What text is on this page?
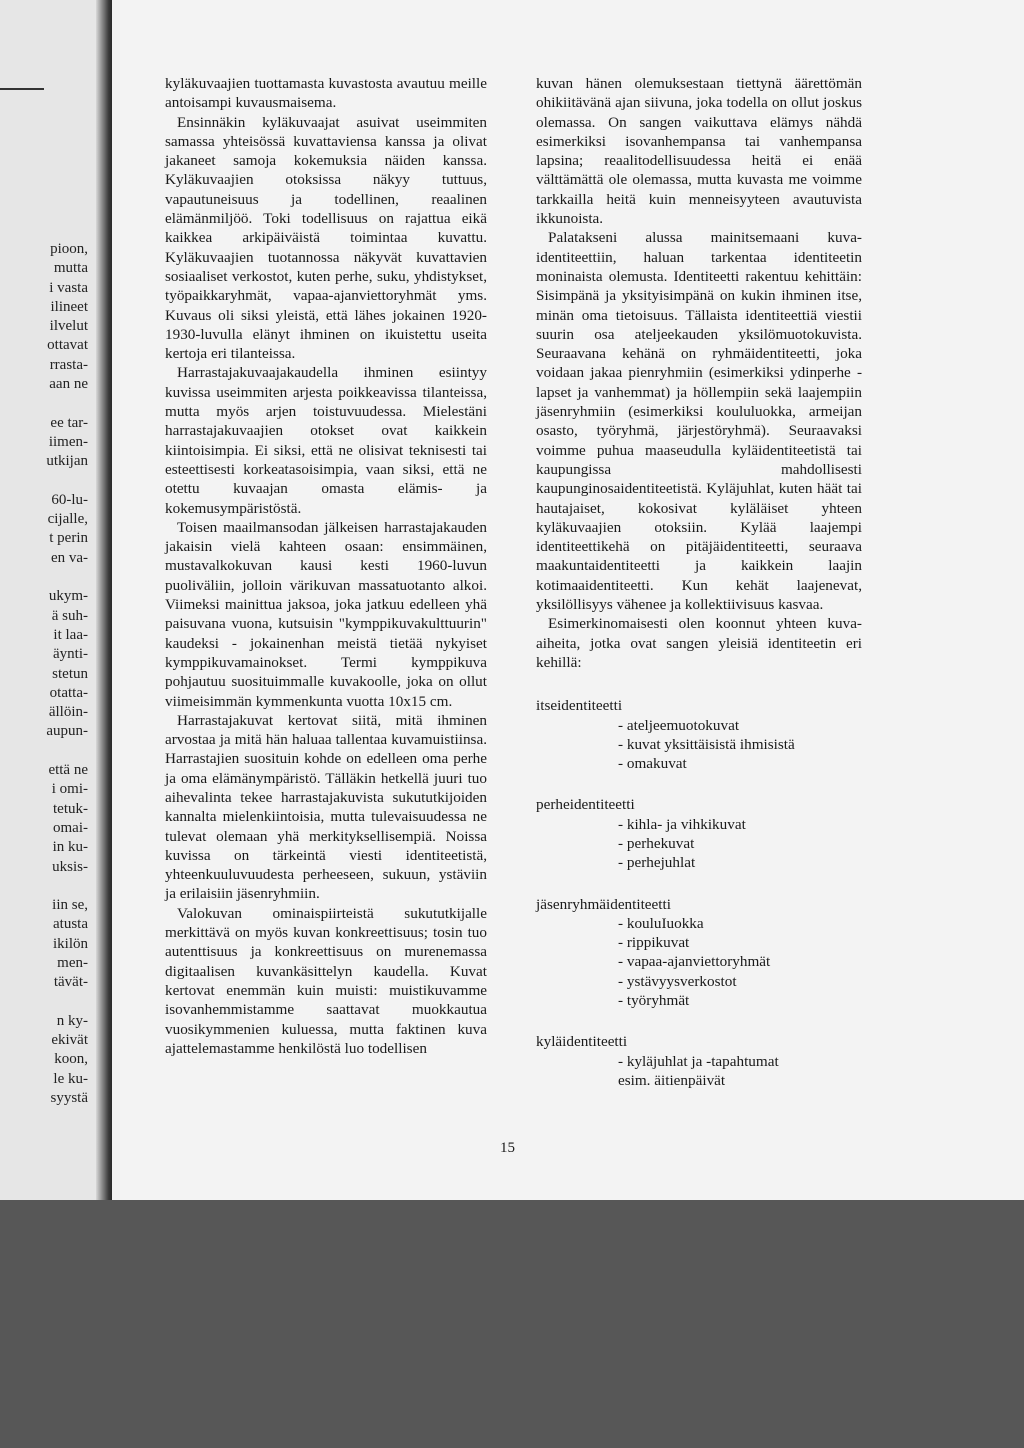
pioon,
mutta
i vasta
ilineet
ilvelut
ottavat
rrasta-
aan ne

ee tar-
iimen-
utkijan

60-lu-
cijalle,
t perin
en va-

ukym-
ä suh-
it laa-
äynti-
stetun
otatta-
ällöin-
aupun-

että ne
i omi-
tetuk-
omai-
in ku-
uksis-

iin se,
atusta
ikilön
men-
tävät-

n ky-
ekivät
koon,
le ku-
syystä

kyläkuvaajien tuottamasta kuvastosta avautuu meille antoisampi kuvausmaisema.

Ensinnäkin kyläkuvaajat asuivat useimmiten samassa yhteisössä kuvattaviensa kanssa ja olivat jakaneet samoja kokemuksia näiden kanssa. Kyläkuvaajien otoksissa näkyy tuttuus, vapautuneisuus ja todellinen, reaalinen elämänmiljöö. Toki todellisuus on rajattua eikä kaikkea arkipäiväistä toimintaa kuvattu. Kyläkuvaajien tuotannossa näkyvät kuvattavien sosiaaliset verkostot, kuten perhe, suku, yhdistykset, työpaikkaryhmät, vapaa-ajanviettoryhmät yms. Kuvaus oli siksi yleistä, että lähes jokainen 1920-1930-luvulla elänyt ihminen on ikuistettu useita kertoja eri tilanteissa.

Harrastajakuvaajakaudella ihminen esiintyy kuvissa useimmiten arjesta poikkeavissa tilanteissa, mutta myös arjen toistuvuudessa. Mielestäni harrastajakuvaajien otokset ovat kaikkein kiintoisimpia. Ei siksi, että ne olisivat teknisesti tai esteettisesti korkeatasoisimpia, vaan siksi, että ne otettu kuvaajan omasta elämis- ja kokemusympäristöstä.

Toisen maailmansodan jälkeisen harrastajakauden jakaisin vielä kahteen osaan: ensimmäinen, mustavalkokuvan kausi kesti 1960-luvun puoliväliin, jolloin värikuvan massatuotanto alkoi. Viimeksi mainittua jaksoa, joka jatkuu edelleen yhä paisuvana vuona, kutsuisin "kymppikuvakulttuurin" kaudeksi - jokainenhan meistä tietää nykyiset kymppikuvamainokset. Termi kymppikuva pohjautuu suosituimmalle kuvakoolle, joka on ollut viimeisimmän kymmenkunta vuotta 10x15 cm.

Harrastajakuvat kertovat siitä, mitä ihminen arvostaa ja mitä hän haluaa tallentaa kuvamuistiinsa. Harrastajien suosituin kohde on edelleen oma perhe ja oma elämänympäristö. Tälläkin hetkellä juuri tuo aihevalinta tekee harrastajakuvista sukututkijoiden kannalta mielenkiintoisia, mutta tulevaisuudessa ne tulevat olemaan yhä merkityksellisempiä. Noissa kuvissa on tärkeintä viesti identiteetistä, yhteenkuuluvuudesta perheeseen, sukuun, ystäviin ja erilaisiin jäsenryhmiin.

Valokuvan ominaispiirteistä sukututkijalle merkittävä on myös kuvan konkreettisuus; tosin tuo autenttisuus ja konkreettisuus on murenemassa digitaalisen kuvankäsittelyn kaudella. Kuvat kertovat enemmän kuin muisti: muistikuvamme isovanhemmistamme saattavat muokkautua vuosikymmenien kuluessa, mutta faktinen kuva ajattelemastamme henkilöstä luo todellisen

kuvan hänen olemuksestaan tiettynä äärettömän ohikiitävänä ajan siivuna, joka todella on ollut joskus olemassa. On sangen vaikuttava elämys nähdä esimerkiksi isovanhempansa tai vanhempansa lapsina; reaalitodellisuudessa heitä ei enää välttämättä ole olemassa, mutta kuvasta me voimme tarkkailla heitä kuin menneisyyteen avautuvista ikkunoista.

Palatakseni alussa mainitsemaani kuva-identiteettiin, haluan tarkentaa identiteetin moninaista olemusta. Identiteetti rakentuu kehittäin: Sisimpänä ja yksityisimpänä on kukin ihminen itse, minän oma tietoisuus. Tällaista identiteettiä viestii suurin osa ateljeekauden yksilömuotokuvista. Seuraavana kehänä on ryhmäidentiteetti, joka voidaan jakaa pienryhmiin (esimerkiksi ydinperhe - lapset ja vanhemmat) ja höllempiin sekä laajempiin jäsenryhmiin (esimerkiksi koululuokka, armeijan osasto, työryhmä, järjestöryhmä). Seuraavaksi voimme puhua maaseudulla kyläidentiteetistä tai kaupungissa mahdollisesti kaupunginosaidentiteetistä. Kyläjuhlat, kuten häät tai hautajaiset, kokosivat kyläläiset yhteen kyläkuvaajien otoksiin. Kylää laajempi identiteettikehä on pitäjäidentiteetti, seuraava maakuntaidentiteetti ja kaikkein laajin kotimaaidentiteetti. Kun kehät laajenevat, yksilöllisyys vähenee ja kollektiivisuus kasvaa.

Esimerkinomaisesti olen koonnut yhteen kuva-aiheita, jotka ovat sangen yleisiä identiteetin eri kehillä:

itseidentiteetti

- ateljeemuotokuvat
- kuvat yksittäisistä ihmisistä
- omakuvat

perheidentiteetti

- kihla- ja vihkikuvat
- perhekuvat
- perhejuhlat

jäsenryhmäidentiteetti

- kouluIuokka
- rippikuvat
- vapaa-ajanviettoryhmät
- ystävyysverkostot
- työryhmät

kyläidentiteetti

- kyläjuhlat ja -tapahtumat
esim. äitienpäivät
15
